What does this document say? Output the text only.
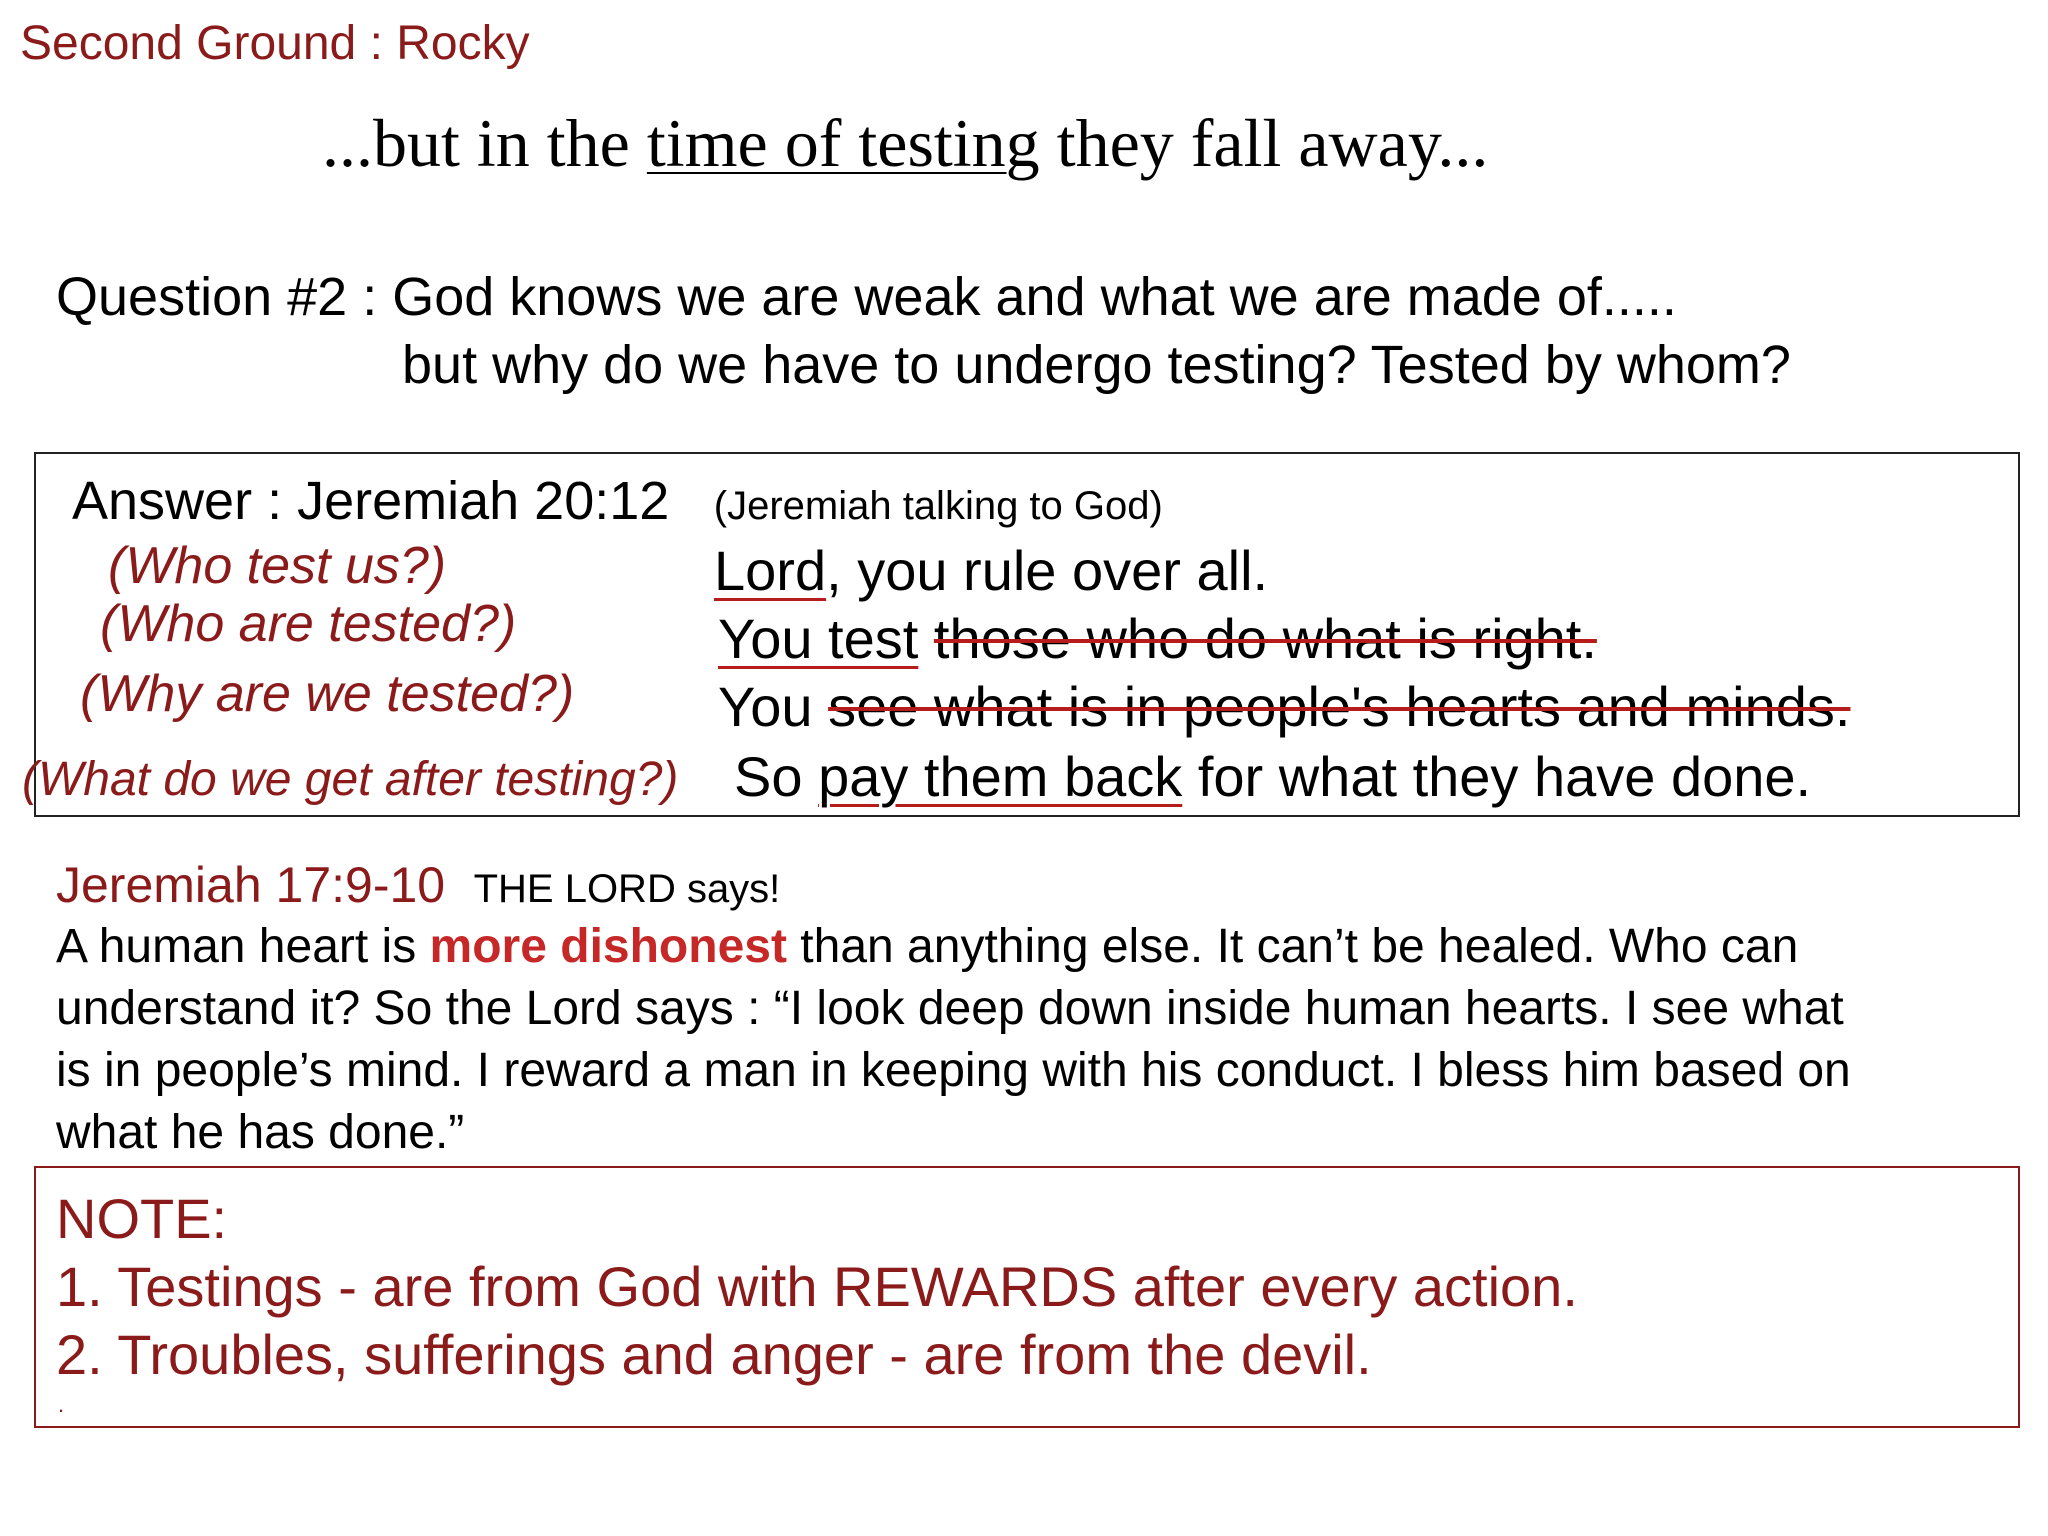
Second Ground : Rocky
...but in the time of testing they fall away...
Question #2 : God knows we are weak and what we are made of.....
but why do we have to undergo testing? Tested by whom?
Answer : Jeremiah 20:12 (Jeremiah talking to God)
(Who test us?)
(Who are tested?)
(Why are we tested?)
(What do we get after testing?)
Lord, you rule over all.
You test those who do what is right.
You see what is in people's hearts and minds.
So pay them back for what they have done.
Jeremiah 17:9-10 THE LORD says!
A human heart is more dishonest than anything else. It can’t be healed. Who can
understand it? So the Lord says : “I look deep down inside human hearts. I see what
is in people’s mind. I reward a man in keeping with his conduct. I bless him based on
what he has done.”
NOTE:
1. Testings - are from God with REWARDS after every action.
2. Troubles, sufferings and anger - are from the devil.
.
